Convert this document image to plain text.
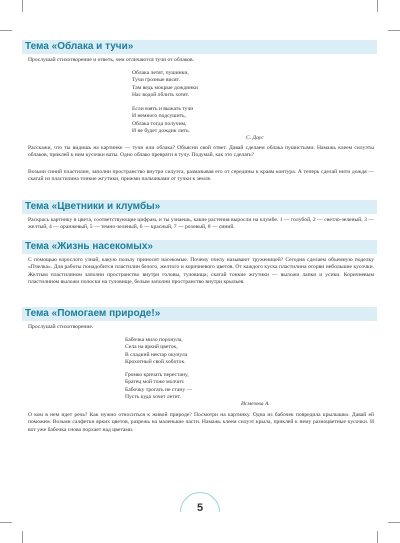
Тема «Облака и тучи»
Прослушай стихотворение и ответь, чем отличаются тучи от облаков.
Облака летят, пушинки,
Тучи грозные висят.
Там ведь мокрые дождинки
Нас водой облить хотят.
Если взять и выжать тучи
И немного подсушить,
Облака тогда получим,
И не будет дождик лить.
С. Даус
Расскажи, что ты видишь на картинке — тучи или облака? Объясни свой ответ. Давай сделаем облака пушистыми. Намажь клеем силуэты облаков, приклей к ним кусочки ваты. Одно облако преврати в тучу. Подумай, как это сделать?
Возьми синий пластилин, заполни пространство внутри силуэта, размазывая его от середины к краям контура. А теперь сделай нити дождя — скатай из пластилина тонкие жгутики, прижми пальчиками от тучки к земле.
Тема «Цветники и клумбы»
Раскрась картинку в цвета, соответствующие цифрам, и ты узнаешь, какие растения выросли на клумбе. 1 — голубой, 2 — светло-зеленый, 3 — желтый, 4 — оранжевый, 5 — темно-зеленый, 6 — красный, 7 — розовый, 8 — синий.
Тема «Жизнь насекомых»
С помощью взрослого узнай, какую пользу приносят насекомые. Почему пчелу называют труженицей? Сегодня сделаем объемную поделку «Пчелка». Для работы понадобится пластилин белого, желтого и коричневого цветов. От каждого куска пластилина оторви небольшие кусочки. Желтым пластилином заполни пространство внутри головы, туловища; скатай тонкие жгутики — выложи лапки и усики. Коричневым пластилином выложи полоски на туловище, белым заполни пространство внутри крыльев.
Тема «Помогаем природе!»
Прослушай стихотворение.
Бабочка мило порхнула,
Села на яркий цветок,
В сладкий нектар окунула
Крохотный свой хоботок.
Громко кричать перестану,
Братец мой тоже молчит.
Бабочку трогать не стану —
Пусть куда хочет летит.
Исмезова А.
О ком в нем идет речь? Как нужно относиться к живой природе? Посмотри на картинку. Одна из бабочек повредила крылышко. Давай ей поможем. Возьми салфетки ярких цветов, разрежь на маленькие части. Намажь клеем силуэт крыла, приклей к нему разноцветные кусочки. И вот уже бабочка снова порхает над цветами.
5
